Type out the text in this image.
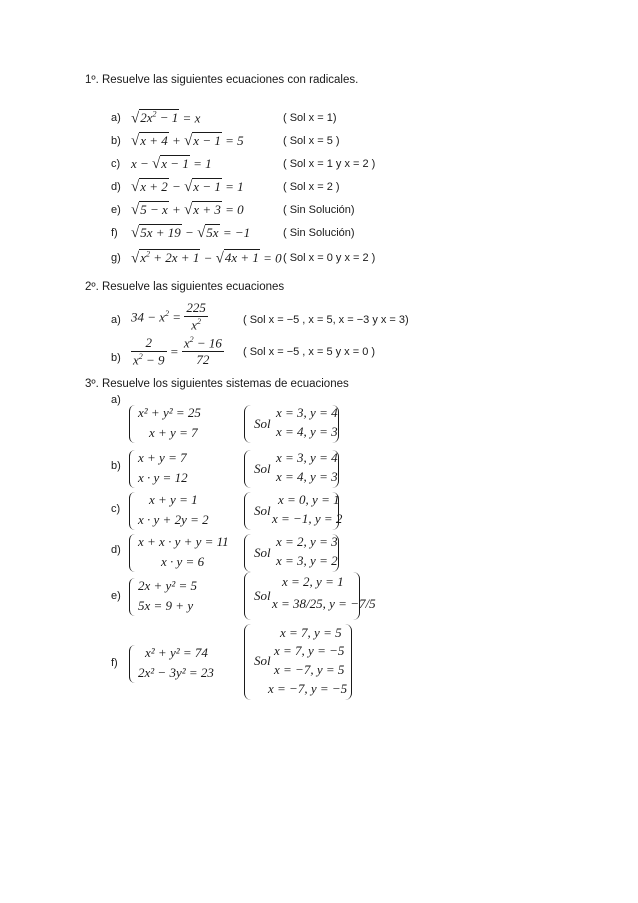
1º. Resuelve las siguientes ecuaciones con radicales.
a) $√2x^2 - 1 = x$	( Sol x = 1)
b) √x + 4 + √x − 1 = 5	( Sol x = 5 )
c) x − √x − 1 = 1	( Sol x = 1 y x = 2 )
d) √x + 2 − √x − 1 = 1	( Sol x = 2 )
e) √5 − x + √x + 3 = 0	( Sin Solución)
f) √5x + 19 − √5x = −1	( Sin Solución)
g) $√x^2 + 2x + 1 - √4x + 1 = 0$ ( Sol x = 0 y x = 2 )
2º. Resuelve las siguientes ecuaciones
a) $34 - x^2 = \frac{225}{x^2}$	( Sol x = −5 , x = 5, x = −3 y x = 3)
$b) \frac{2}{x^2 - 9} = \frac{x^2 - 16}{72}$ ( Sol x = −5 , x = 5 y x = 0 )
3º. Resuelve los siguientes sistemas de ecuaciones
a)
x² + y² = 25
x + y = 7
Sol
x = 3, y = 4
x = 4, y = 3
b)
x + y = 7
x · y = 12
Sol
x = 3, y = 4
x = 4, y = 3
c)
x + y = 1
x · y + 2y = 2
Sol
x = 0, y = 1
x = −1, y = 2
d)
x + x · y + y = 11
x · y = 6
Sol
x = 2, y = 3
x = 3, y = 2
e)
2x + y² = 5
5x = 9 + y
Sol
x = 2, y = 1
x = 38/25, y = −7/5
f)
x² + y² = 74
2x² − 3y² = 23
Sol
x = 7, y = 5
x = 7, y = −5
x = −7, y = 5
x = −7, y = −5
